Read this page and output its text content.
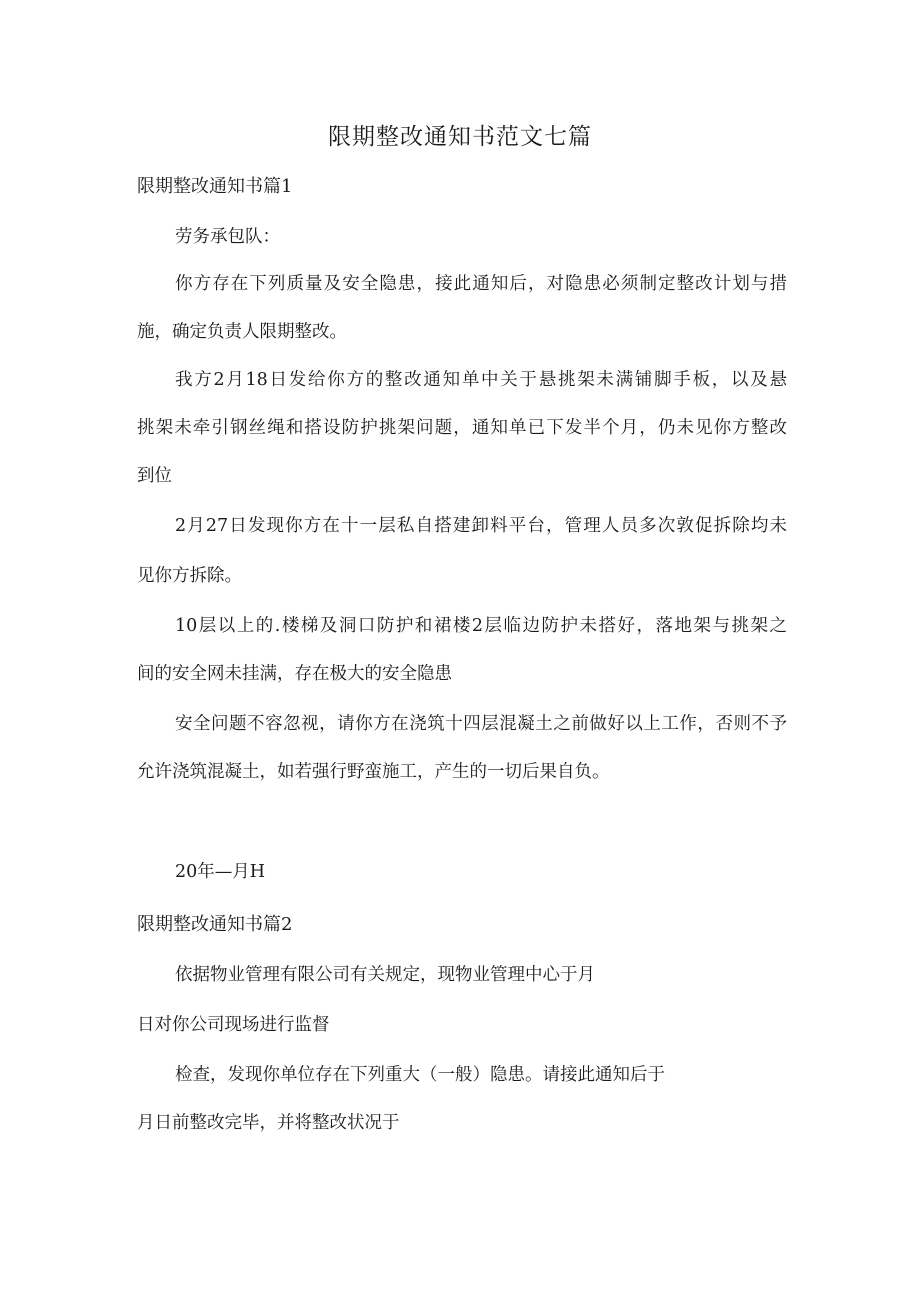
限期整改通知书范文七篇

限期整改通知书篇1

劳务承包队：

你方存在下列质量及安全隐患，接此通知后，对隐患必须制定整改计划与措

施，确定负责人限期整改。

我方2月18日发给你方的整改通知单中关于悬挑架未满铺脚手板，以及悬

挑架未牵引钢丝绳和搭设防护挑架问题，通知单已下发半个月，仍未见你方整改

到位

2月27日发现你方在十一层私自搭建卸料平台，管理人员多次敦促拆除均未

见你方拆除。

10层以上的.楼梯及洞口防护和裙楼2层临边防护未搭好，落地架与挑架之

间的安全网未挂满，存在极大的安全隐患

安全问题不容忽视，请你方在浇筑十四层混凝土之前做好以上工作，否则不予

允许浇筑混凝土，如若强行野蛮施工，产生的一切后果自负。

20年—月H

限期整改通知书篇2

依据物业管理有限公司有关规定，现物业管理中心于月

日对你公司现场进行监督

检查，发现你单位存在下列重大（一般）隐患。请接此通知后于

月日前整改完毕，并将整改状况于
